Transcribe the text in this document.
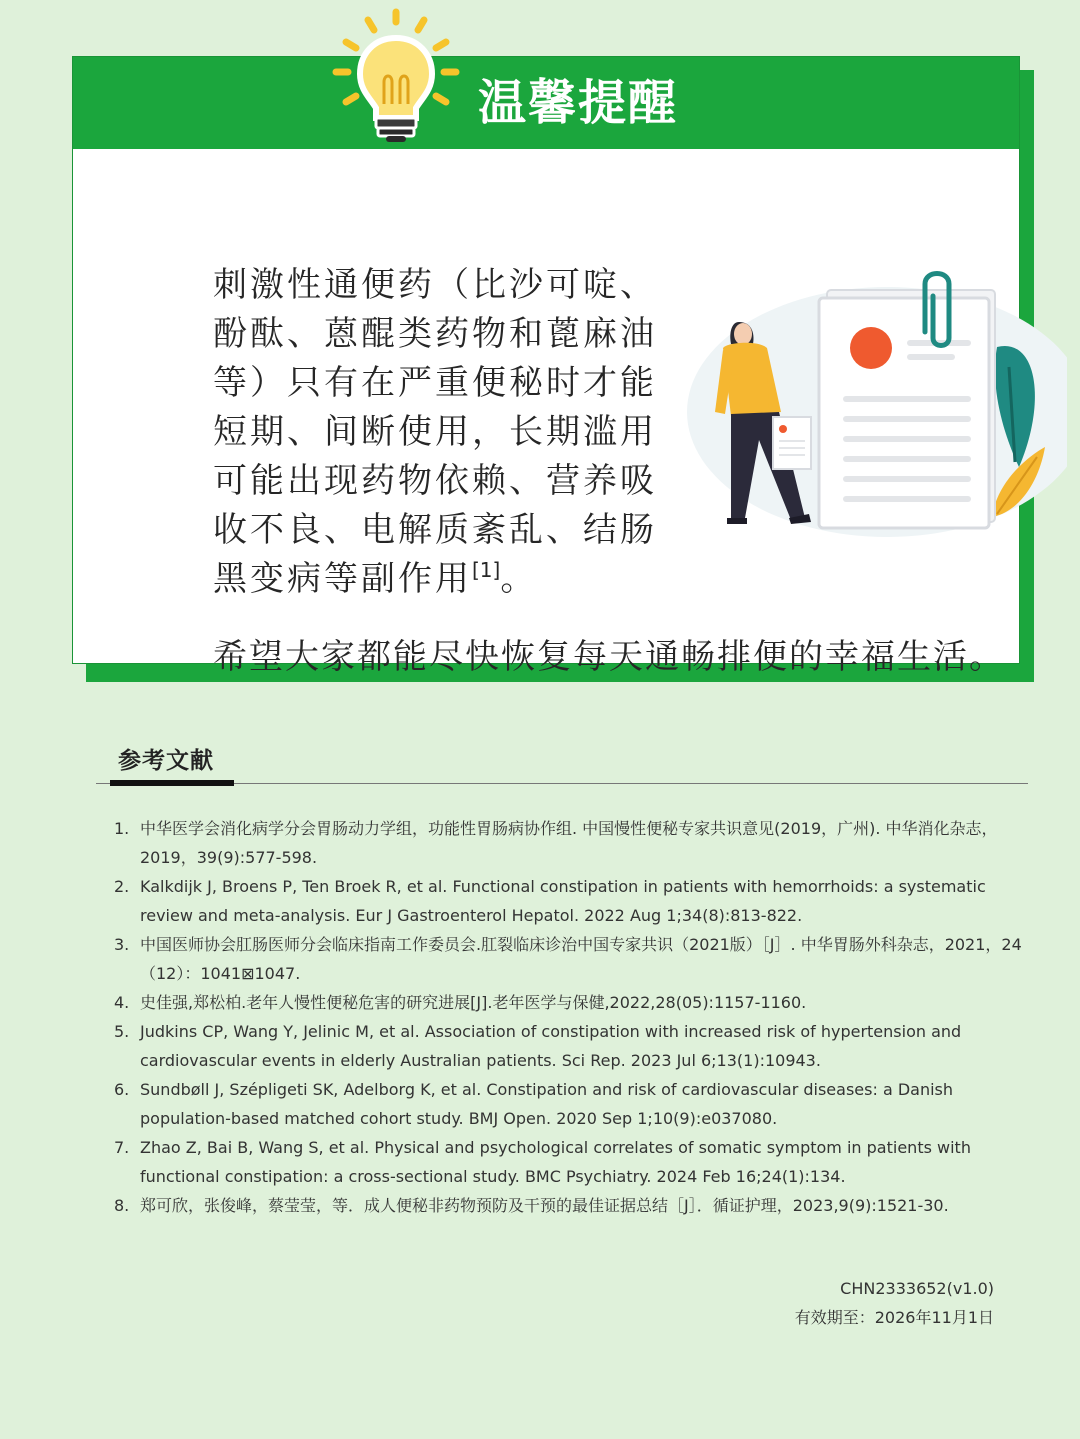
温馨提醒
刺激性通便药（比沙可啶、酚酞、蒽醌类药物和蓖麻油等）只有在严重便秘时才能短期、间断使用，长期滥用可能出现药物依赖、营养吸收不良、电解质紊乱、结肠黑变病等副作用[1]。
希望大家都能尽快恢复每天通畅排便的幸福生活。
参考文献
1. 中华医学会消化病学分会胃肠动力学组，功能性胃肠病协作组. 中国慢性便秘专家共识意见(2019，广州). 中华消化杂志，2019，39(9):577-598.
2. Kalkdijk J, Broens P, Ten Broek R, et al. Functional constipation in patients with hemorrhoids: a systematic review and meta-analysis. Eur J Gastroenterol Hepatol. 2022 Aug 1;34(8):813-822.
3. 中国医师协会肛肠医师分会临床指南工作委员会.肛裂临床诊治中国专家共识（2021版）［J］. 中华胃肠外科杂志，2021，24（12）：1041⊠1047.
4. 史佳强,郑松柏.老年人慢性便秘危害的研究进展[J].老年医学与保健,2022,28(05):1157-1160.
5. Judkins CP, Wang Y, Jelinic M, et al. Association of constipation with increased risk of hypertension and cardiovascular events in elderly Australian patients. Sci Rep. 2023 Jul 6;13(1):10943.
6. Sundbøll J, Szépligeti SK, Adelborg K, et al. Constipation and risk of cardiovascular diseases: a Danish population-based matched cohort study. BMJ Open. 2020 Sep 1;10(9):e037080.
7. Zhao Z, Bai B, Wang S, et al. Physical and psychological correlates of somatic symptom in patients with functional constipation: a cross-sectional study. BMC Psychiatry. 2024 Feb 16;24(1):134.
8. 郑可欣，张俊峰，蔡莹莹，等．成人便秘非药物预防及干预的最佳证据总结［J］．循证护理，2023,9(9):1521-30.
CHN2333652(v1.0)
有效期至：2026年11月1日
